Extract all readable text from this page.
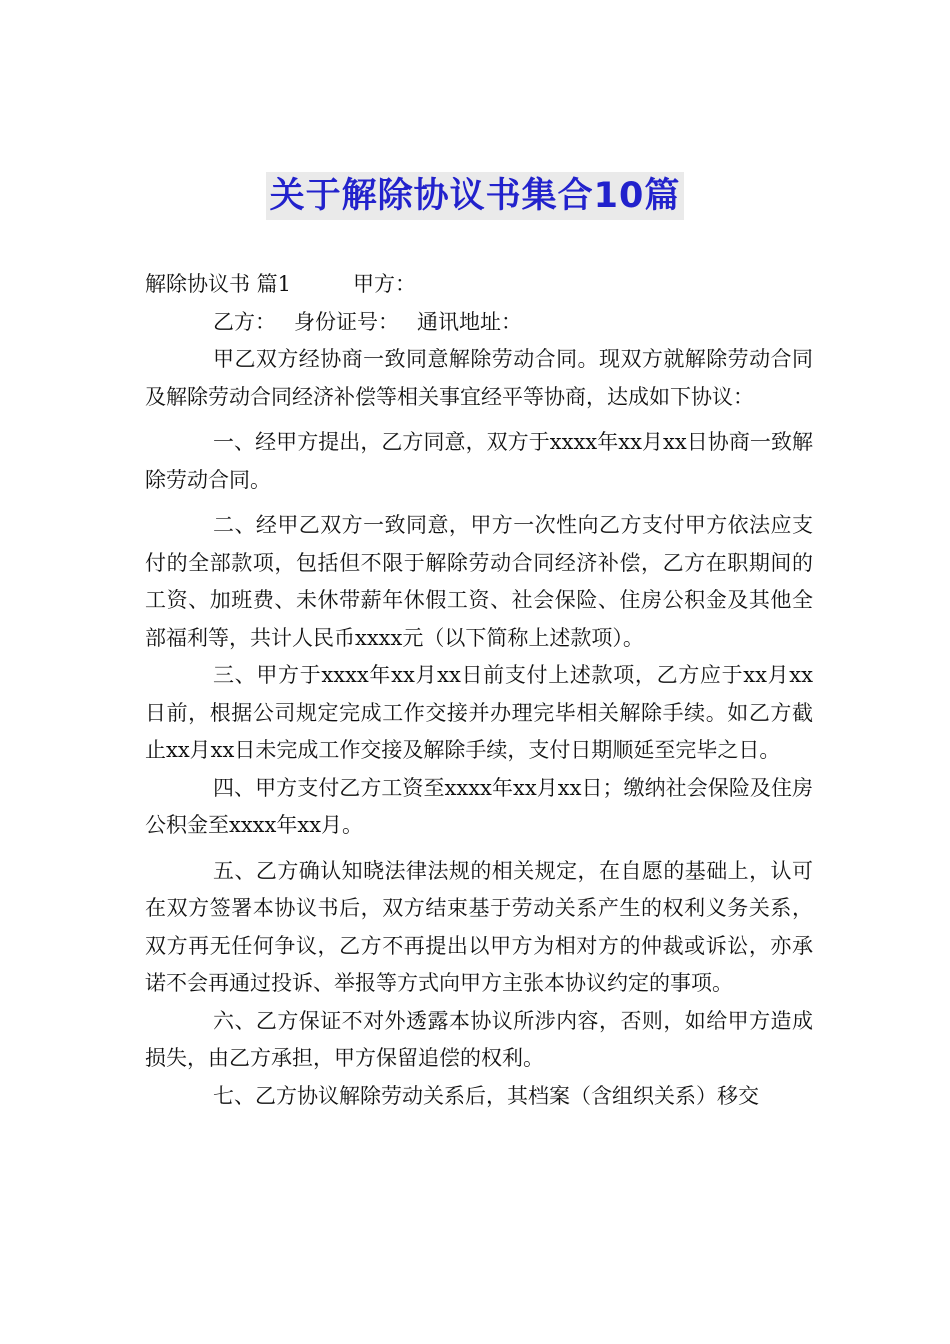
关于解除协议书集合10篇

解除协议书 篇1	甲方：

乙方： 身份证号： 通讯地址：

甲乙双方经协商一致同意解除劳动合同。现双方就解除劳动合同及解除劳动合同经济补偿等相关事宜经平等协商，达成如下协议：

一、经甲方提出，乙方同意，双方于xxxx年xx月xx日协商一致解除劳动合同。

二、经甲乙双方一致同意，甲方一次性向乙方支付甲方依法应支付的全部款项，包括但不限于解除劳动合同经济补偿，乙方在职期间的工资、加班费、未休带薪年休假工资、社会保险、住房公积金及其他全部福利等，共计人民币xxxx元（以下简称上述款项）。

三、甲方于xxxx年xx月xx日前支付上述款项，乙方应于xx月xx日前，根据公司规定完成工作交接并办理完毕相关解除手续。如乙方截止xx月xx日未完成工作交接及解除手续，支付日期顺延至完毕之日。

四、甲方支付乙方工资至xxxx年xx月xx日；缴纳社会保险及住房公积金至xxxx年xx月。

五、乙方确认知晓法律法规的相关规定，在自愿的基础上，认可在双方签署本协议书后，双方结束基于劳动关系产生的权利义务关系，双方再无任何争议，乙方不再提出以甲方为相对方的仲裁或诉讼，亦承诺不会再通过投诉、举报等方式向甲方主张本协议约定的事项。

六、乙方保证不对外透露本协议所涉内容，否则，如给甲方造成损失，由乙方承担，甲方保留追偿的权利。

七、乙方协议解除劳动关系后，其档案（含组织关系）移交
